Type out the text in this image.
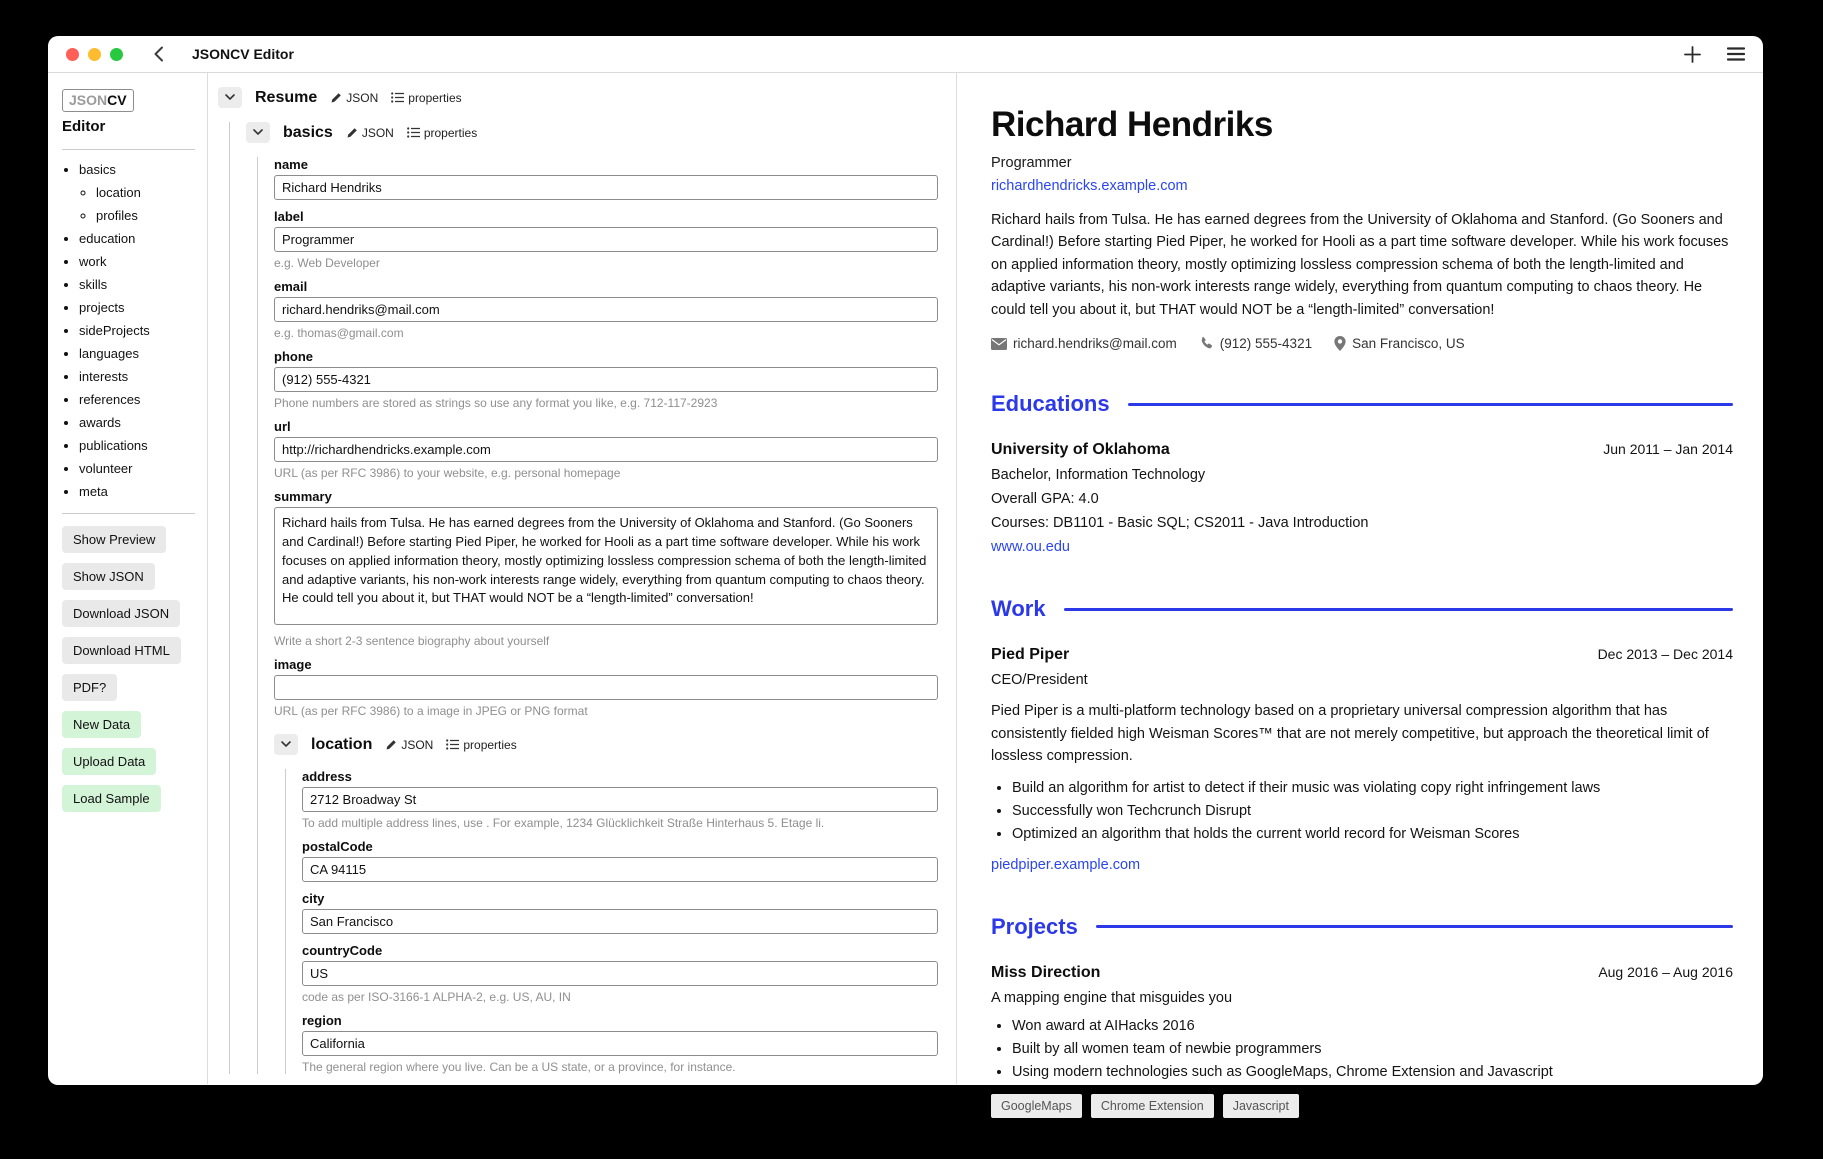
JSONCV Editor
JSONCV
Editor
• basics
◦ location
◦ profiles
• education
• work
• skills
• projects
• sideProjects
• languages
• interests
• references
• awards
• publications
• volunteer
• meta
Show Preview
Show JSON
Download JSON
Download HTML
PDF?
New Data
Upload Data
Load Sample
Resume JSON	properties
basics JSON	properties
name
Richard Hendriks
label
Programmer
e.g. Web Developer
email
richard.hendriks@mail.com
e.g. thomas@gmail.com
phone
(912) 555-4321
Phone numbers are stored as strings so use any format you like, e.g. 712-117-2923
url
http://richardhendricks.example.com
URL (as per RFC 3986) to your website, e.g. personal homepage
summary
Richard hails from Tulsa. He has earned degrees from the University of Oklahoma and Stanford. (Go Sooners and Cardinal!) Before starting Pied Piper, he worked for Hooli as a part time software developer. While his work focuses on applied information theory, mostly optimizing lossless compression schema of both the length-limited and adaptive variants, his non-work interests range widely, everything from quantum computing to chaos theory. He could tell you about it, but THAT would NOT be a “length-limited” conversation!
Write a short 2-3 sentence biography about yourself
image
URL (as per RFC 3986) to a image in JPEG or PNG format
location JSON	properties
address
2712 Broadway St
To add multiple address lines, use . For example, 1234 Glücklichkeit Straße Hinterhaus 5. Etage li.
postalCode
CA 94115
city
San Francisco
countryCode
US
code as per ISO-3166-1 ALPHA-2, e.g. US, AU, IN
region
California
The general region where you live. Can be a US state, or a province, for instance.
Richard Hendriks
Programmer
richardhendricks.example.com

Richard hails from Tulsa. He has earned degrees from the University of Oklahoma and Stanford. (Go Sooners and Cardinal!) Before starting Pied Piper, he worked for Hooli as a part time software developer. While his work focuses on applied information theory, mostly optimizing lossless compression schema of both the length-limited and adaptive variants, his non-work interests range widely, everything from quantum computing to chaos theory. He could tell you about it, but THAT would NOT be a “length-limited” conversation!

richard.hendriks@mail.com	(912) 555-4321	San Francisco, US
Educations
University of Oklahoma	Jun 2011 – Jan 2014
Bachelor, Information Technology
Overall GPA: 4.0
Courses: DB1101 - Basic SQL; CS2011 - Java Introduction
www.ou.edu
Work
Pied Piper	Dec 2013 – Dec 2014
CEO/President

Pied Piper is a multi-platform technology based on a proprietary universal compression algorithm that has consistently fielded high Weisman Scores™ that are not merely competitive, but approach the theoretical limit of lossless compression.

• Build an algorithm for artist to detect if their music was violating copy right infringement laws
• Successfully won Techcrunch Disrupt
• Optimized an algorithm that holds the current world record for Weisman Scores
piedpiper.example.com
Projects
Miss Direction	Aug 2016 – Aug 2016
A mapping engine that misguides you
• Won award at AIHacks 2016
• Built by all women team of newbie programmers
• Using modern technologies such as GoogleMaps, Chrome Extension and Javascript
GoogleMaps	Chrome Extension	Javascript
